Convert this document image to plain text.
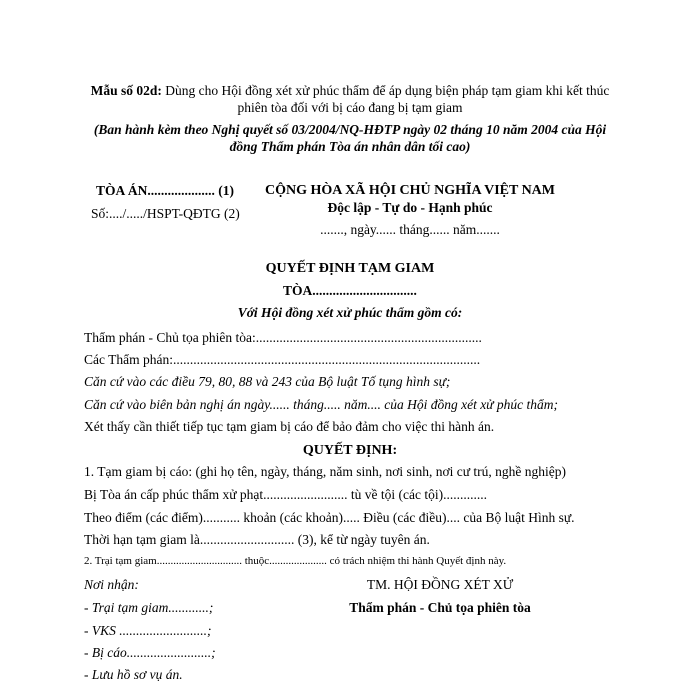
Mẫu số 02d: Dùng cho Hội đồng xét xử phúc thẩm để áp dụng biện pháp tạm giam khi kết thúc
phiên tòa đối với bị cáo đang bị tạm giam
(Ban hành kèm theo Nghị quyết số 03/2004/NQ-HĐTP ngày 02 tháng 10 năm 2004 của Hội
đồng Thẩm phán Tòa án nhân dân tối cao)
TÒA ÁN.................... (1)
Số:..../...../HSPT-QĐTG (2)
CỘNG HÒA XÃ HỘI CHỦ NGHĨA VIỆT NAM
Độc lập - Tự do - Hạnh phúc
......., ngày...... tháng...... năm.......
QUYẾT ĐỊNH TẠM GIAM
TÒA...............................
Với Hội đồng xét xử phúc thẩm gồm có:
Thẩm phán - Chủ tọa phiên tòa:...................................................................
Các Thẩm phán:...........................................................................................
Căn cứ vào các điều 79, 80, 88 và 243 của Bộ luật Tố tụng hình sự;
Căn cứ vào biên bản nghị án ngày...... tháng..... năm.... của Hội đồng xét xử phúc thẩm;
Xét thấy cần thiết tiếp tục tạm giam bị cáo để bảo đảm cho việc thi hành án.
QUYẾT ĐỊNH:
1. Tạm giam bị cáo: (ghi họ tên, ngày, tháng, năm sinh, nơi sinh, nơi cư trú, nghề nghiệp)
Bị Tòa án cấp phúc thẩm xử phạt......................... tù về tội (các tội).............
Theo điểm (các điểm)........... khoản (các khoản)..... Điều (các điều).... của Bộ luật Hình sự.
Thời hạn tạm giam là............................ (3), kể từ ngày tuyên án.
2. Trại tạm giam............................... thuộc..................... có trách nhiệm thi hành Quyết định này.
Nơi nhận:
- Trại tạm giam............;
- VKS ..........................;
- Bị cáo.........................;
- Lưu hồ sơ vụ án.
TM. HỘI ĐỒNG XÉT XỬ
Thẩm phán - Chủ tọa phiên tòa
